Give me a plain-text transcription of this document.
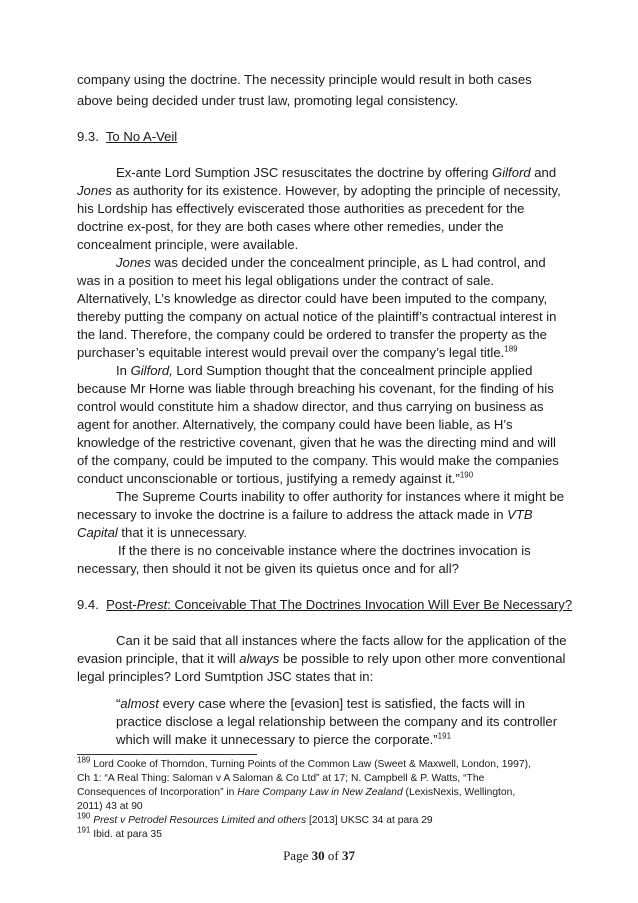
company using the doctrine. The necessity principle would result in both cases
above being decided under trust law, promoting legal consistency.
9.3. To No A-Veil
Ex-ante Lord Sumption JSC resuscitates the doctrine by offering Gilford and
Jones as authority for its existence. However, by adopting the principle of necessity,
his Lordship has effectively eviscerated those authorities as precedent for the
doctrine ex-post, for they are both cases where other remedies, under the
concealment principle, were available.
Jones was decided under the concealment principle, as L had control, and
was in a position to meet his legal obligations under the contract of sale.
Alternatively, L’s knowledge as director could have been imputed to the company,
thereby putting the company on actual notice of the plaintiff’s contractual interest in
the land. Therefore, the company could be ordered to transfer the property as the
purchaser’s equitable interest would prevail over the company’s legal title.$^{189}$
In Gilford, Lord Sumption thought that the concealment principle applied
because Mr Horne was liable through breaching his covenant, for the finding of his
control would constitute him a shadow director, and thus carrying on business as
agent for another. Alternatively, the company could have been liable, as H’s
knowledge of the restrictive covenant, given that he was the directing mind and will
of the company, could be imputed to the company. This would make the companies
conduct unconscionable or tortious, justifying a remedy against it.”$^{190}$
The Supreme Courts inability to offer authority for instances where it might be
necessary to invoke the doctrine is a failure to address the attack made in VTB
Capital that it is unnecessary.
If the there is no conceivable instance where the doctrines invocation is
necessary, then should it not be given its quietus once and for all?
9.4. Post-Prest: Conceivable That The Doctrines Invocation Will Ever Be Necessary?
Can it be said that all instances where the facts allow for the application of the
evasion principle, that it will always be possible to rely upon other more conventional
legal principles? Lord Sumtption JSC states that in:
“almost every case where the [evasion] test is satisfied, the facts will in
practice disclose a legal relationship between the company and its controller
which will make it unnecessary to pierce the corporate.”$^{191}$
$^{189}$ Lord Cooke of Thorndon, Turning Points of the Common Law (Sweet & Maxwell, London, 1997),
Ch 1: “A Real Thing: Saloman v A Saloman & Co Ltd” at 17; N. Campbell & P. Watts, “The
Consequences of Incorporation” in Hare Company Law in New Zealand (LexisNexis, Wellington,
2011) 43 at 90
$^{190}$ Prest v Petrodel Resources Limited and others [2013] UKSC 34 at para 29
$^{191}$ Ibid. at para 35
Page 30 of 37
